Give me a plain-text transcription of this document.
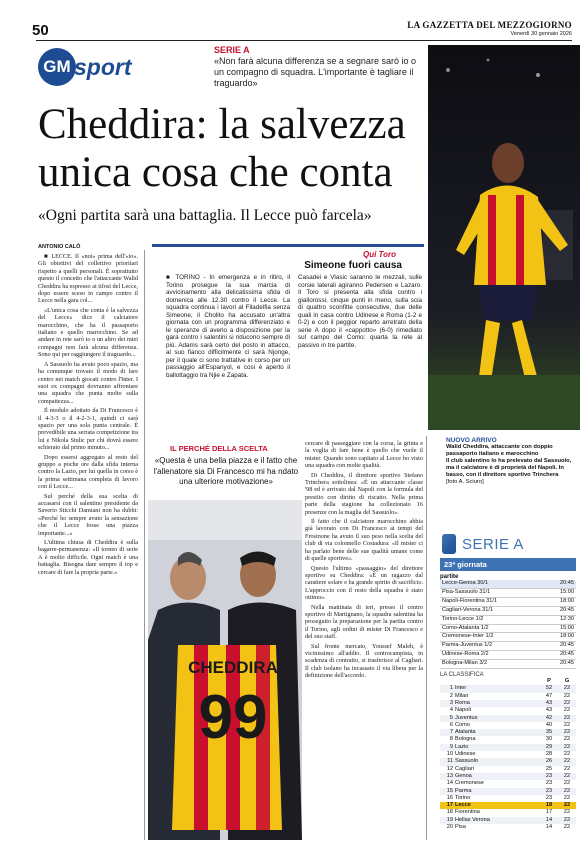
50	LA GAZZETTA DEL MEZZOGIORNO
Venerdì 30 gennaio 2026
GM sport
SERIE A
«Non farà alcuna differenza se a segnare sarò io o un compagno di squadra. L'importante è tagliare il traguardo»
Cheddira: la salvezza
unica cosa che conta
«Ogni partita sarà una battaglia. Il Lecce può farcela»
ANTONIO CALÒ

■ LECCE. Il «noi» prima dell'«io». Gli obiettivi del collettivo prioritari rispetto a quelli personali. È soprattutto questo il concetto che l'attaccante Walid Cheddira ha espresso ai tifosi del Lecce, dopo essere sceso in campo contro il Lecce nella gara col...

«L'unica cosa che conta è la salvezza del Lecce» dice il calciatore marocchino, che ha il passaporto italiano e quello marocchino. Se ad andare in rete sarò io o un altro dei miei compagni non farà alcuna differenza. Sono qui per raggiungere il traguardo...

A Sassuolo ha avuto poco spazio, ma ha comunque trovato il modo di fare centro nei match giocati contro l'Inter. I suoi ex compagni dovranno affrontare una squadra che punta molto sulla compattezza...

Il modulo adottato da Di Francesco è il 4-3-3 o il 4-2-3-1, quindi ci sarà spazio per una sola punta centrale. È prevedibile una serrata competizione tra lui e Nikola Stulic per chi dovrà essere schierato dal primo minuto...

Dopo essersi aggregato al resto del gruppo a poche ore dalla sfida interna contro la Lazio, per lui quella in corso è la prima settimana completa di lavoro con il Lecce...

Sul perché della sua scelta di accasarsi con il salentino presidente da Saverio Sticchi Damiani non ha dubbi: «Perché ho sempre avuto la sensazione che il Lecce fosse una piazza importante...»

L'ultima chiusa di Cheddira è sulla bagarre-permanenza: «Il torneo di serie A è molto difficile. Ogni match è una battaglia. Bisogna dare sempre il top e cercare di fare la propria parte.»

Qui Toro
Simeone fuori causa
■ TORINO - In emergenza e in ritiro, il Torino prosegue la sua marcia di avvicinamento alla delicatissima sfida di domenica alle 12.30 contro il Lecce. La squadra continua i lavori al Filadelfia senza Simeone, il Cholito ha accusato un'altra giornata con un programma differenziato e le speranze di averlo a disposizione per la gara contro i salentini si riducono sempre di più. Adams sarà certo del posto in attacco, al suo fianco difficilmente ci sarà Njonge, per il quale ci sono trattative in corso per un passaggio all'Espanyol, e così è aperto il ballottaggio tra Njie e Zapata.
Casadei e Vlasic saranno le mezzali, sulle corsie laterali agiranno Pedersen e Lazaro. Il Toro si presenta alla sfida contro i giallorossi, cinque punti in meno, sulla scia di quattro sconfitte consecutive, due delle quali in casa contro Udinese e Roma (1-2 e 0-2) e con il peggior reparto arretrato della serie A dopo il «cappotto» (6-0) rimediato sul campo del Como: quarta la rete al passivo in tre partite.
IL PERCHÉ DELLA SCELTA
«Questa è una bella piazza e il fatto che l'allenatore sia Di Francesco mi ha ndato una ulteriore motivazione»
CHEDDIRA
99

cercare di passeggiare con la corsa, la grinta e la voglia di fare bene è quello che vuole il mister. Quando sono capitato al Lecce ho visto una squadra con molte qualità.

Di Cheddira, il direttore sportivo Stefano Trinchera sottolinea: «È un attaccante classe '98 ed è arrivato dal Napoli con la formula del prestito con diritto di riscatto. Nella prima parte della stagione ha collezionato 16 presenze con la maglia del Sassuolo».

Il fatto che il calciatore marocchino abbia già lavorato con Di Francesco ai tempi del Frosinone ha avuto il suo peso nella scelta del club di via colonnello Costadura: «Il mister ci ha parlato bene delle sue qualità umane come di quelle sportive».

Questo l'ultimo «passaggio» del direttore sportivo su Cheddira: «È un ragazzo dal carattere solare e ha grande spirito di sacrificio. L'approccio con il resto della squadra è stato ottimo».

Nella mattinata di ieri, presso il centro sportivo di Martignano, la squadra salentina ha proseguito la preparazione per la partita contro il Torino, agli ordini di mister Di Francesco e del suo staff.

Sul fronte mercato, Youssef Maleh, è vicinissimo all'addio. Il centrocampista, in scadenza di contratto, si trasferisce al Cagliari. Il club isolano ha incassato il via libera per la definizione dell'accordo.

NUOVO ARRIVO
Walid Cheddira, attaccante con doppio passaporto italiano e marocchino
Il club salentino lo ha prelevato dal Sassuolo, ma il calciatore è di proprietà del Napoli. In basso, con il direttore sportivo Trinchera
[foto A. Sciuro]
SERIE A
23ª giornata
partite
Lecce-Genoa 30/1	20:45
Pisa-Sassuolo 31/1	15:00
Napoli-Fiorentina 31/1	18:00
Cagliari-Verona 31/1	20:45
Torino-Lecce 1/2	12:30
Como-Atalanta 1/2	15:00
Cremonese-Inter 1/2	18:00
Parma-Juventus 1/2	20:45
Udinese-Roma 2/2	20:45
Bologna-Milan 3/2	20:45
LA CLASSIFICA
		P	G
1	Inter	52	22
2	Milan	47	22
3	Roma	43	22
4	Napoli	43	22
5	Juventus	42	22
6	Como	40	22
7	Atalanta	35	22
8	Bologna	30	22
9	Lazio	29	22
10	Udinese	28	22
11	Sassuolo	26	22
12	Cagliari	25	22
13	Genoa	23	22
14	Cremonese	23	22
15	Parma	23	22
16	Torino	23	22
17	Lecce	18	22
18	Fiorentina	17	22
19	Hellas Verona	14	22
20	Pisa	14	22
